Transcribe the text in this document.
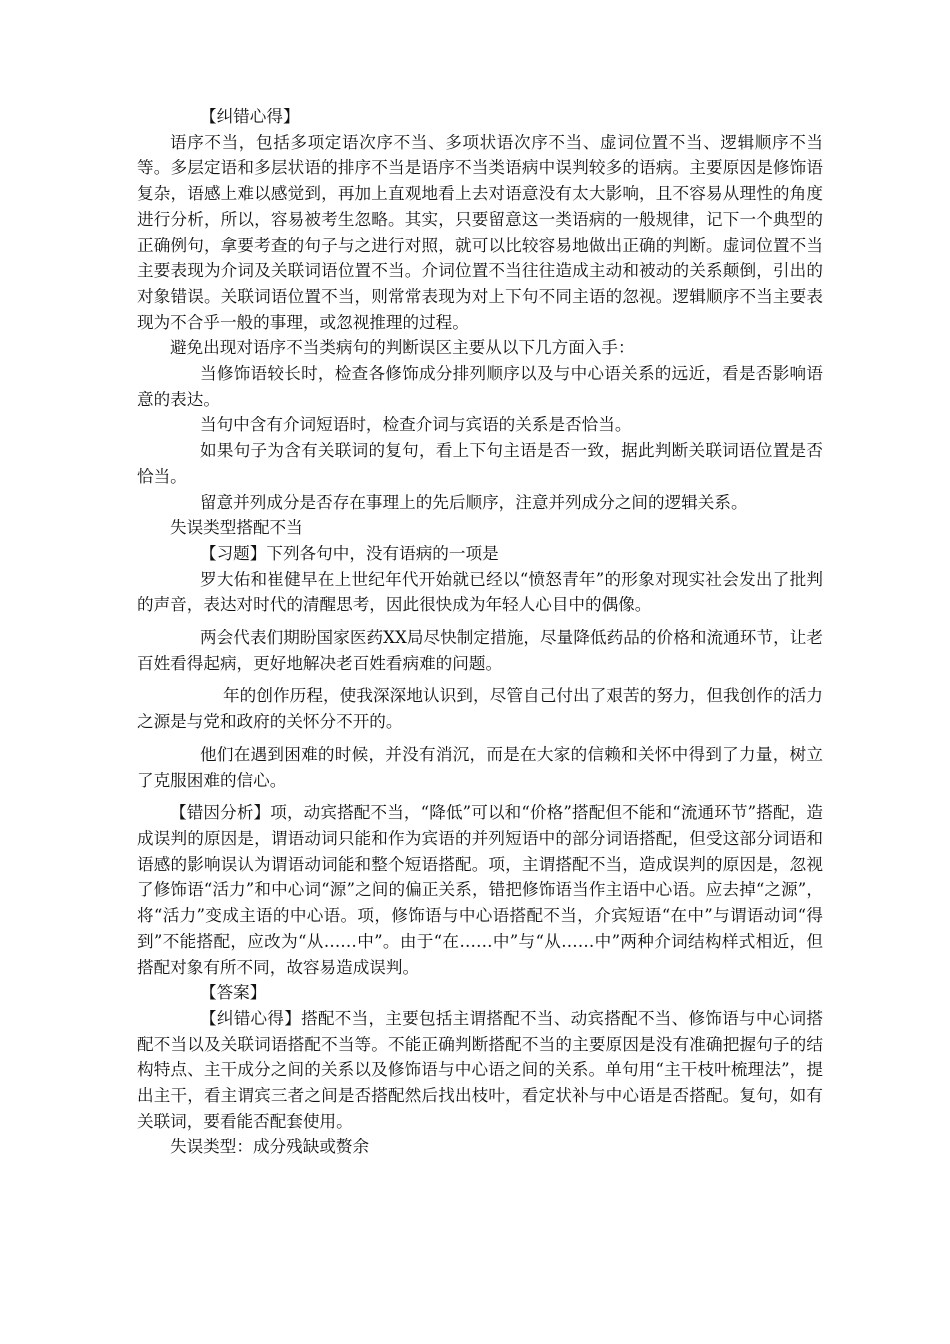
【纠错心得】

语序不当，包括多项定语次序不当、多项状语次序不当、虚词位置不当、逻辑顺序不当等。多层定语和多层状语的排序不当是语序不当类语病中误判较多的语病。主要原因是修饰语复杂，语感上难以感觉到，再加上直观地看上去对语意没有太大影响，且不容易从理性的角度进行分析，所以，容易被考生忽略。其实，只要留意这一类语病的一般规律，记下一个典型的正确例句，拿要考查的句子与之进行对照，就可以比较容易地做出正确的判断。虚词位置不当主要表现为介词及关联词语位置不当。介词位置不当往往造成主动和被动的关系颠倒，引出的对象错误。关联词语位置不当，则常常表现为对上下句不同主语的忽视。逻辑顺序不当主要表现为不合乎一般的事理，或忽视推理的过程。

避免出现对语序不当类病句的判断误区主要从以下几方面入手：

当修饰语较长时，检查各修饰成分排列顺序以及与中心语关系的远近，看是否影响语意的表达。

当句中含有介词短语时，检查介词与宾语的关系是否恰当。

如果句子为含有关联词的复句，看上下句主语是否一致，据此判断关联词语位置是否恰当。

留意并列成分是否存在事理上的先后顺序，注意并列成分之间的逻辑关系。

失误类型搭配不当

【习题】下列各句中，没有语病的一项是

罗大佑和崔健早在上世纪年代开始就已经以“愤怒青年”的形象对现实社会发出了批判的声音，表达对时代的清醒思考，因此很快成为年轻人心目中的偶像。

两会代表们期盼国家医药XX局尽快制定措施，尽量降低药品的价格和流通环节，让老百姓看得起病，更好地解决老百姓看病难的问题。

年的创作历程，使我深深地认识到，尽管自己付出了艰苦的努力，但我创作的活力之源是与党和政府的关怀分不开的。

他们在遇到困难的时候，并没有消沉，而是在大家的信赖和关怀中得到了力量，树立了克服困难的信心。

【错因分析】项，动宾搭配不当，“降低”可以和“价格”搭配但不能和“流通环节”搭配，造成误判的原因是，谓语动词只能和作为宾语的并列短语中的部分词语搭配，但受这部分词语和语感的影响误认为谓语动词能和整个短语搭配。项，主谓搭配不当，造成误判的原因是，忽视了修饰语“活力”和中心词“源”之间的偏正关系，错把修饰语当作主语中心语。应去掉“之源”，将“活力”变成主语的中心语。项，修饰语与中心语搭配不当，介宾短语“在中”与谓语动词“得到”不能搭配，应改为“从……中”。由于“在……中”与“从……中”两种介词结构样式相近，但搭配对象有所不同，故容易造成误判。

【答案】

【纠错心得】搭配不当，主要包括主谓搭配不当、动宾搭配不当、修饰语与中心词搭配不当以及关联词语搭配不当等。不能正确判断搭配不当的主要原因是没有准确把握句子的结构特点、主干成分之间的关系以及修饰语与中心语之间的关系。单句用“主干枝叶梳理法”，提出主干，看主谓宾三者之间是否搭配然后找出枝叶，看定状补与中心语是否搭配。复句，如有关联词，要看能否配套使用。

失误类型：成分残缺或赘余
